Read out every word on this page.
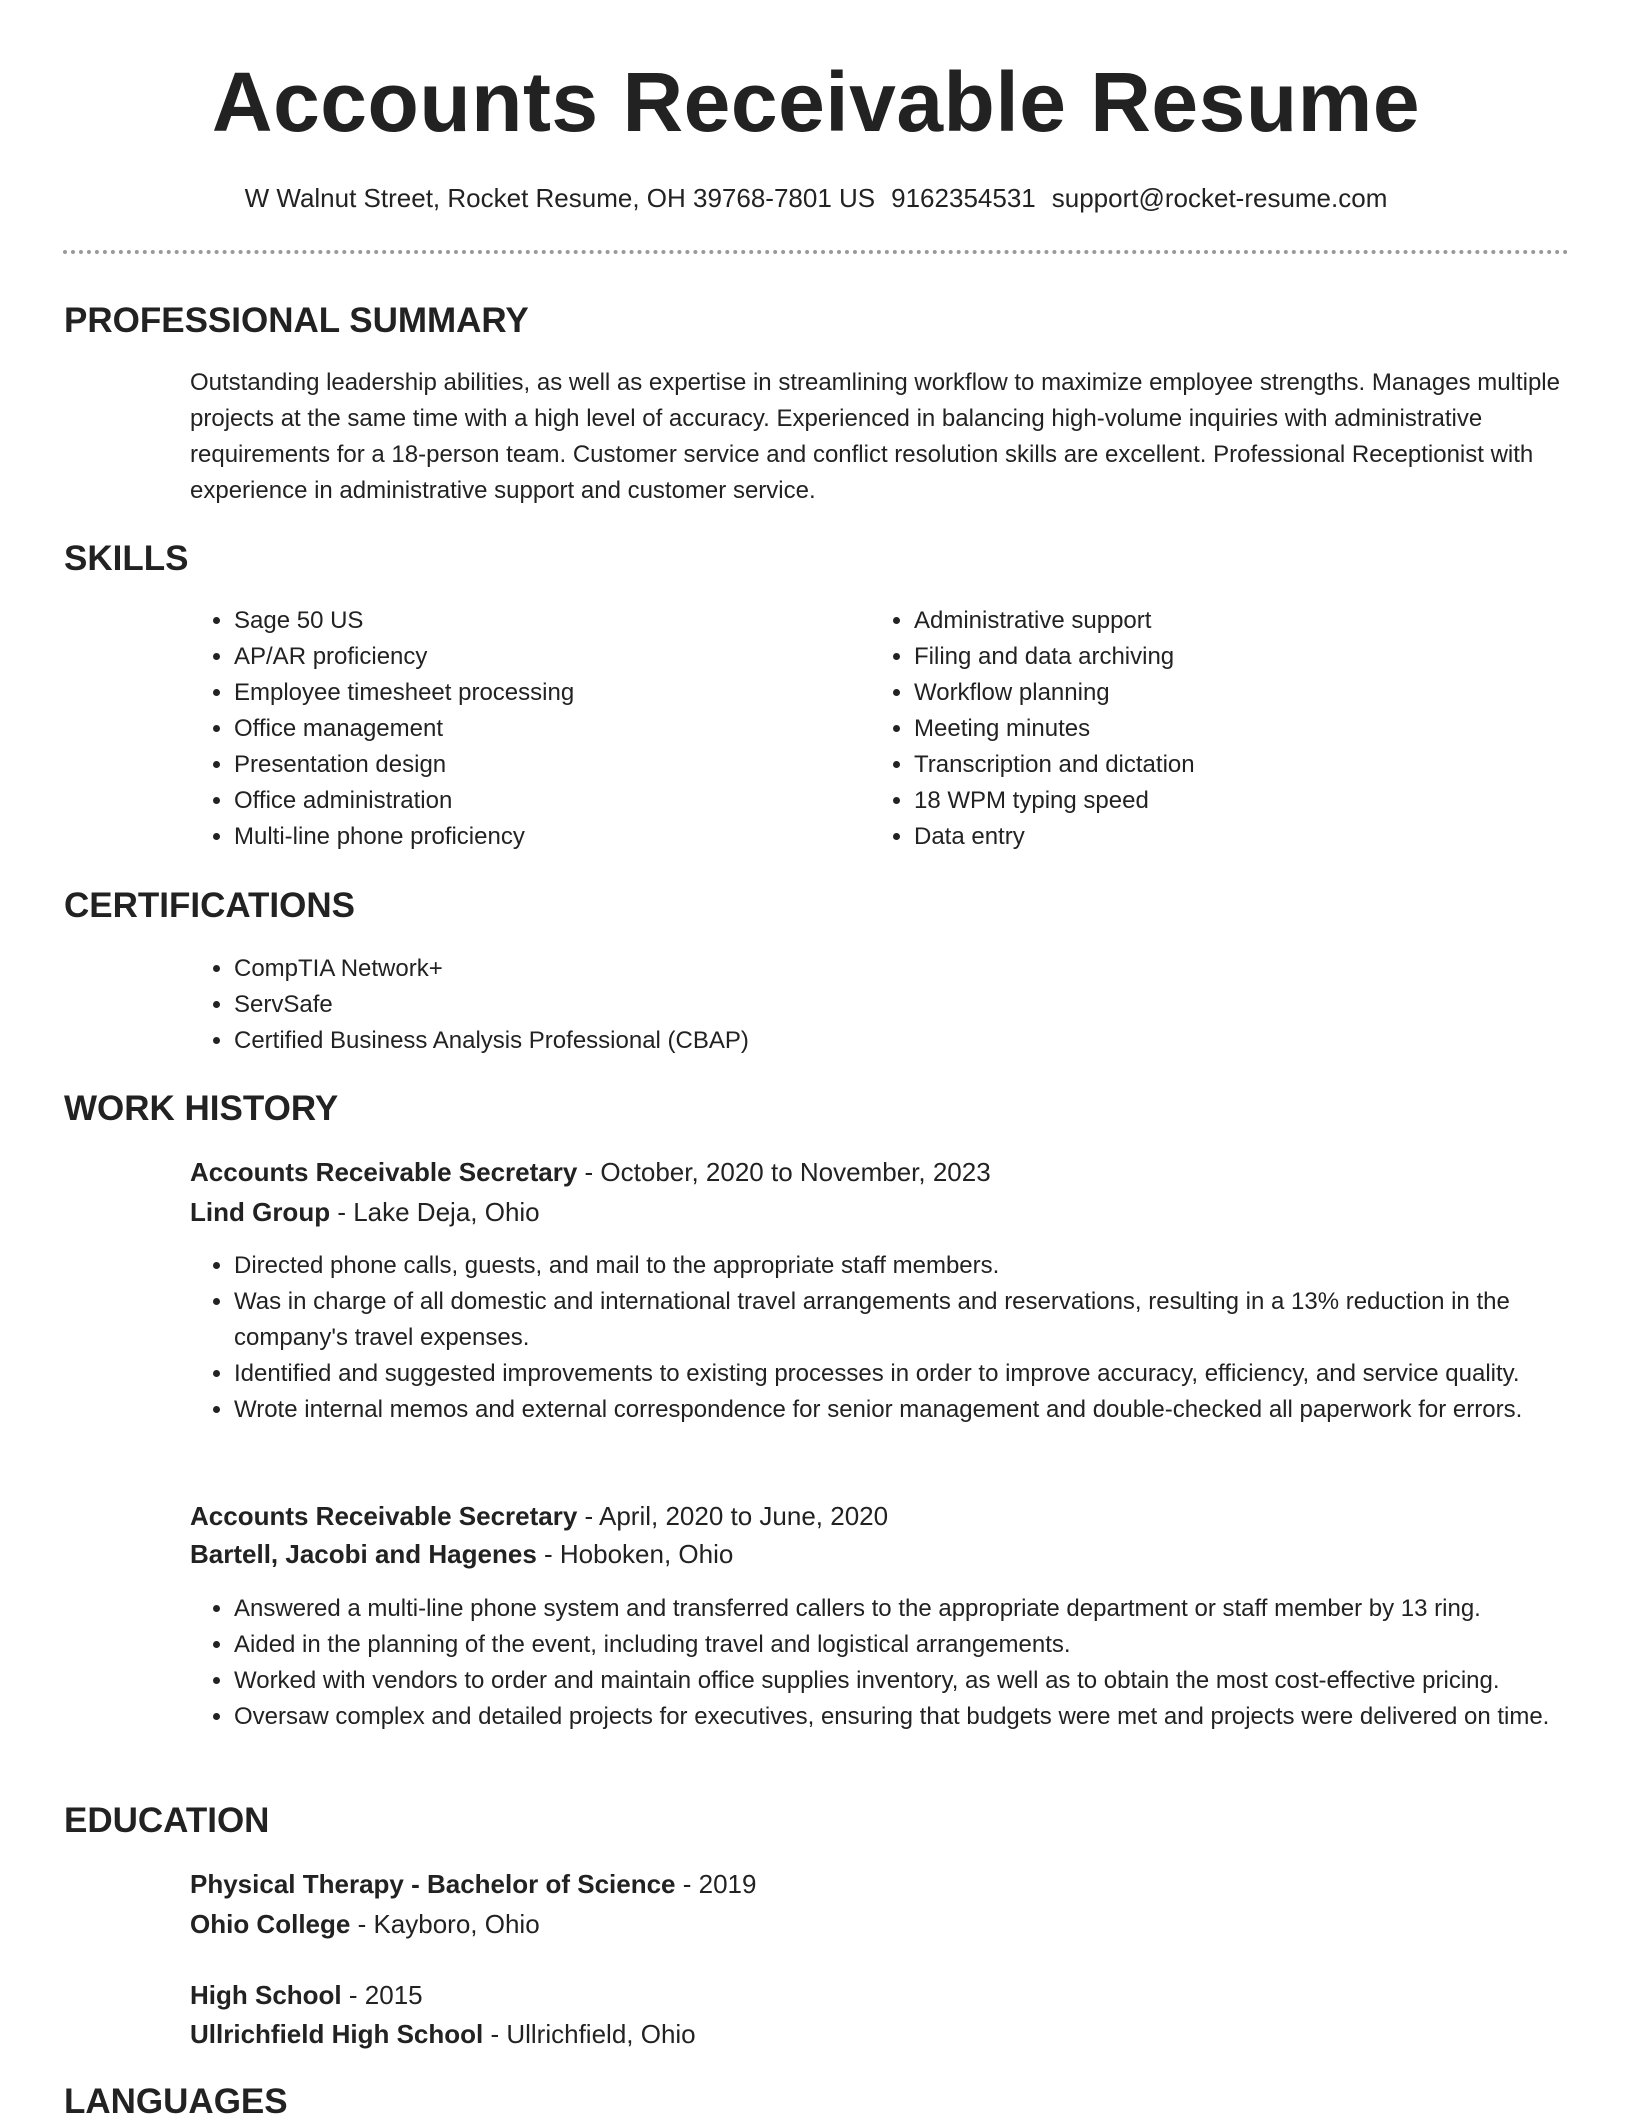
Accounts Receivable Resume
W Walnut Street, Rocket Resume, OH 39768-7801 US 9162354531 support@rocket-resume.com
PROFESSIONAL SUMMARY

Outstanding leadership abilities, as well as expertise in streamlining workflow to maximize employee strengths. Manages multiple projects at the same time with a high level of accuracy. Experienced in balancing high-volume inquiries with administrative requirements for a 18-person team. Customer service and conflict resolution skills are excellent. Professional Receptionist with experience in administrative support and customer service.

SKILLS
• Sage 50 US
• AP/AR proficiency
• Employee timesheet processing
• Office management
• Presentation design
• Office administration
• Multi-line phone proficiency
• Administrative support
• Filing and data archiving
• Workflow planning
• Meeting minutes
• Transcription and dictation
• 18 WPM typing speed
• Data entry
CERTIFICATIONS
• CompTIA Network+
• ServSafe
• Certified Business Analysis Professional (CBAP)
WORK HISTORY
Accounts Receivable Secretary - October, 2020 to November, 2023
Lind Group - Lake Deja, Ohio
• Directed phone calls, guests, and mail to the appropriate staff members.
• Was in charge of all domestic and international travel arrangements and reservations, resulting in a 13% reduction in the company's travel expenses.
• Identified and suggested improvements to existing processes in order to improve accuracy, efficiency, and service quality.
• Wrote internal memos and external correspondence for senior management and double-checked all paperwork for errors.
Accounts Receivable Secretary - April, 2020 to June, 2020
Bartell, Jacobi and Hagenes - Hoboken, Ohio
• Answered a multi-line phone system and transferred callers to the appropriate department or staff member by 13 ring.
• Aided in the planning of the event, including travel and logistical arrangements.
• Worked with vendors to order and maintain office supplies inventory, as well as to obtain the most cost-effective pricing.
• Oversaw complex and detailed projects for executives, ensuring that budgets were met and projects were delivered on time.
EDUCATION
Physical Therapy - Bachelor of Science - 2019
Ohio College - Kayboro, Ohio
High School - 2015
Ullrichfield High School - Ullrichfield, Ohio
LANGUAGES
